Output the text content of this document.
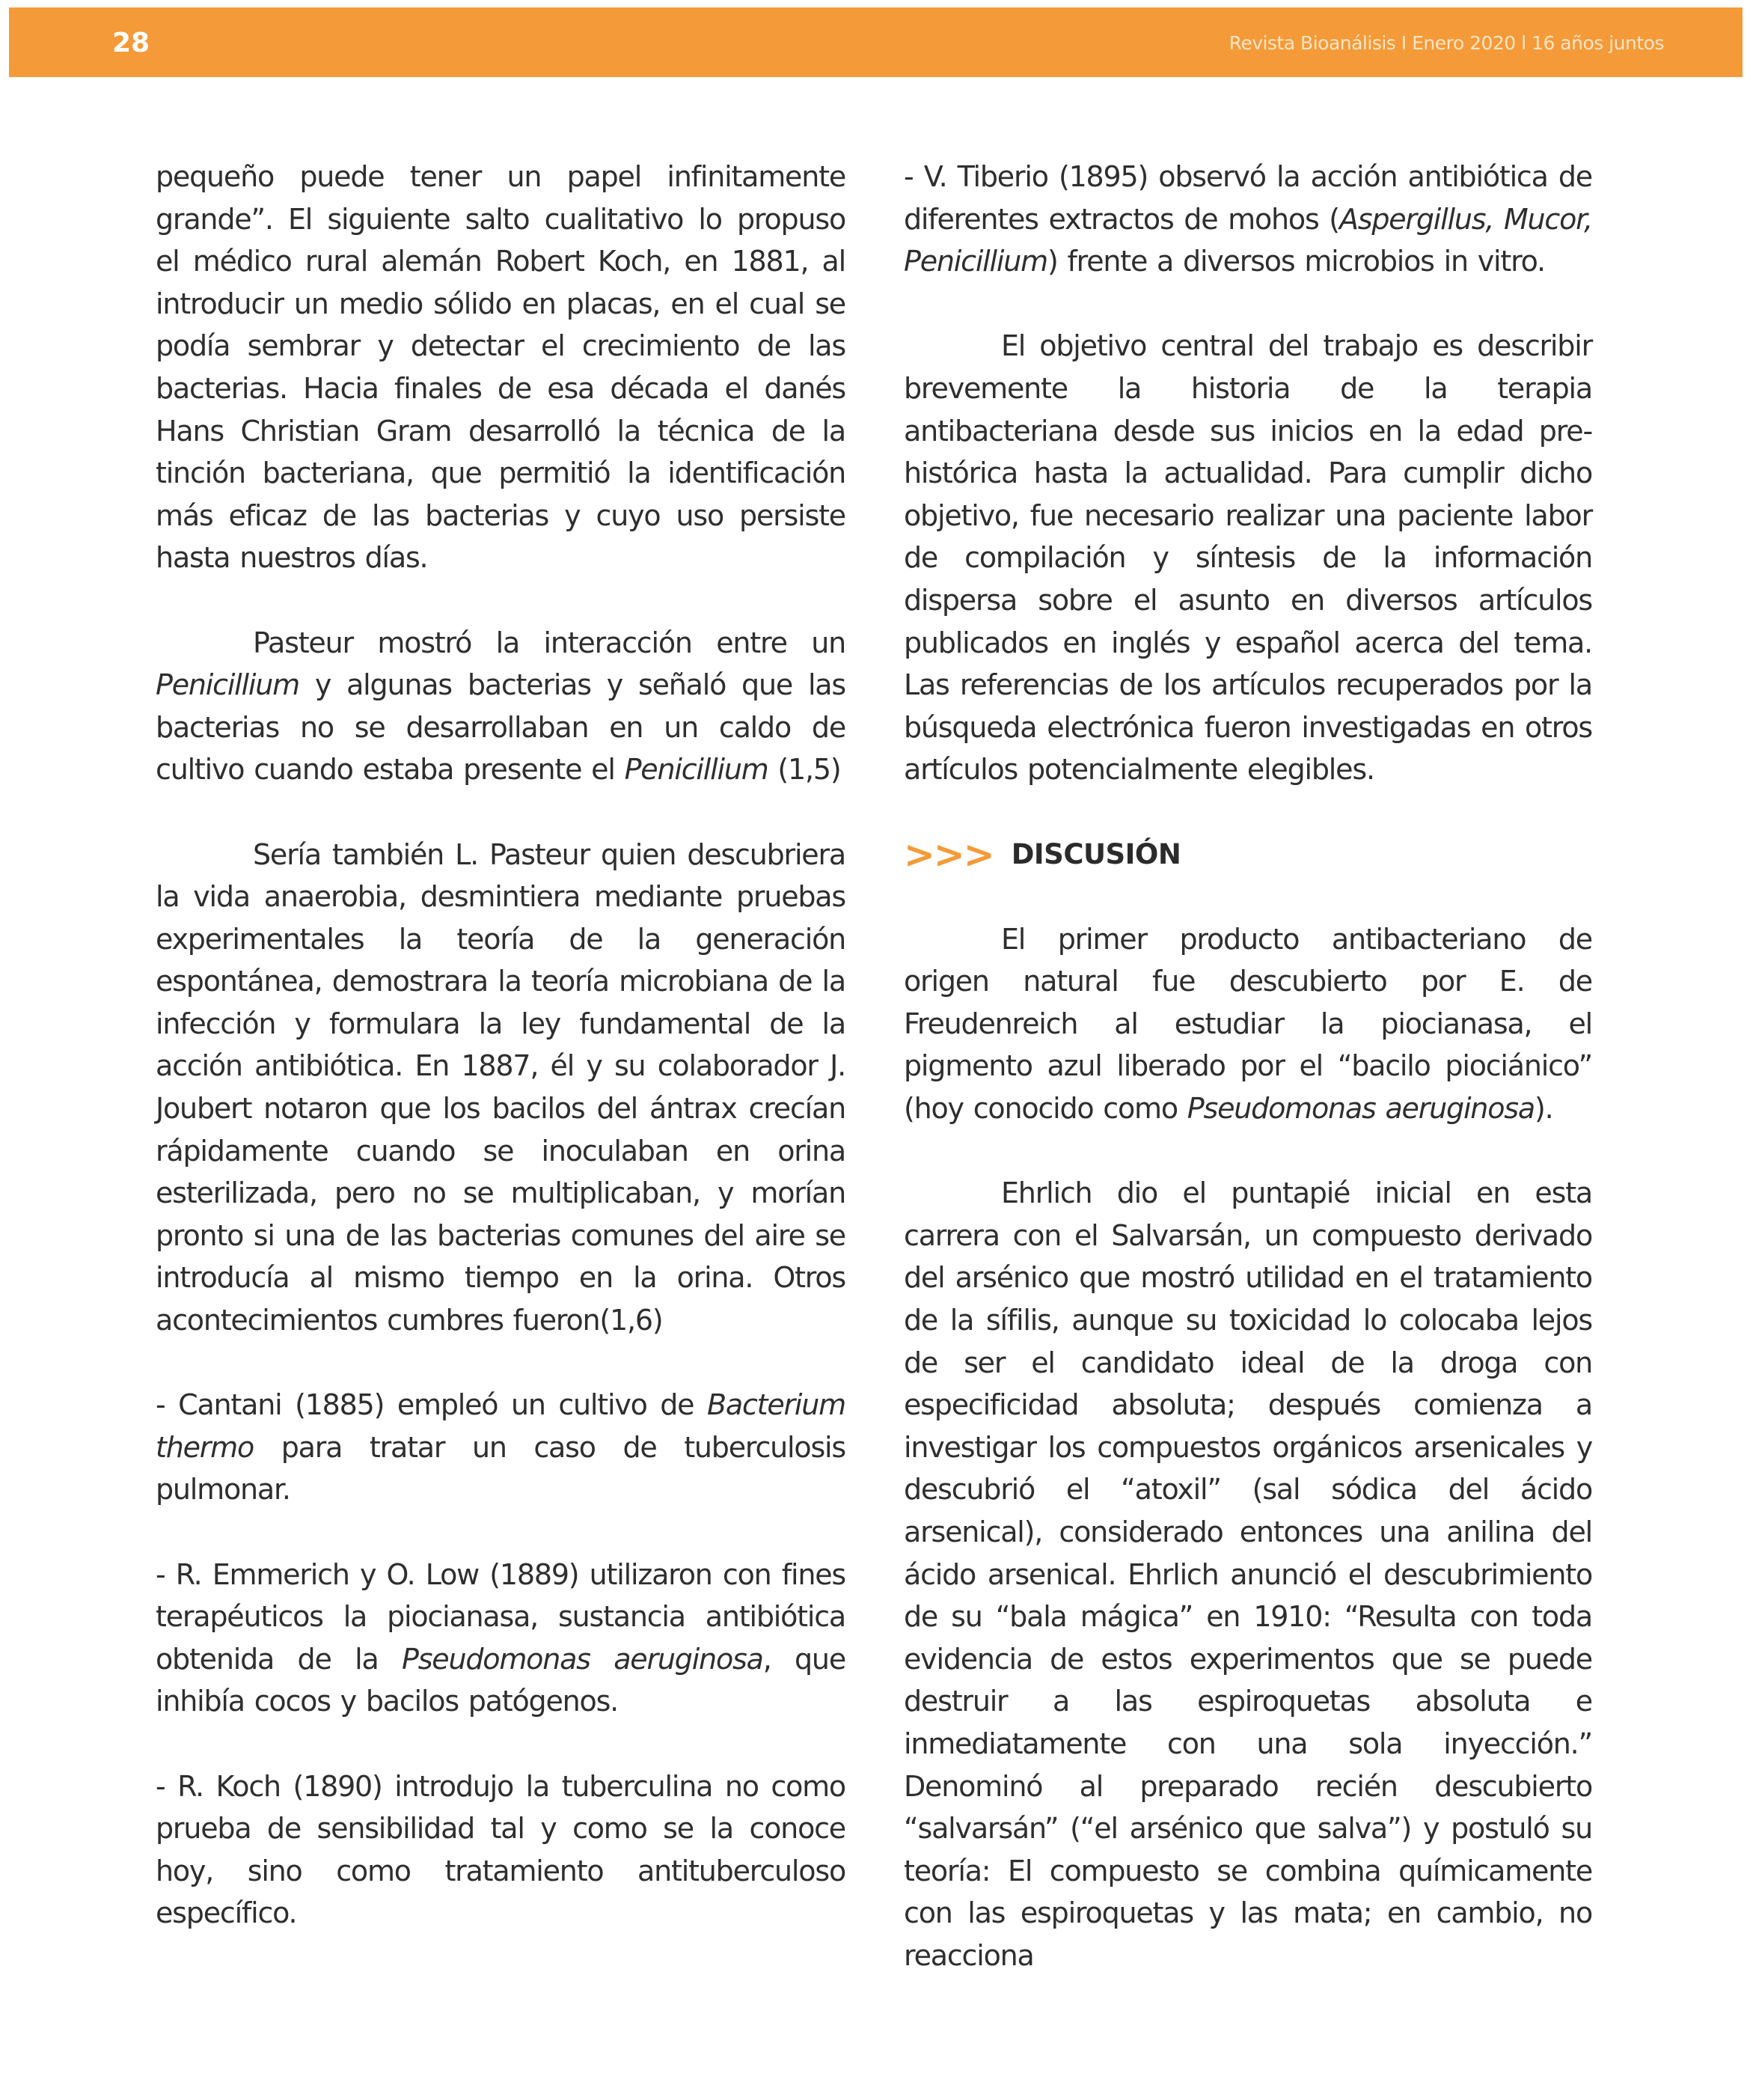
28	Revista Bioanálisis I Enero 2020 l 16 años juntos

pequeño puede tener un papel infinitamente grande”. El siguiente salto cualitativo lo propuso el médico rural alemán Robert Koch, en 1881, al introducir un medio sólido en placas, en el cual se podía sembrar y detectar el crecimiento de las bacterias. Hacia finales de esa década el danés Hans Christian Gram desarrolló la técnica de la tinción bacteriana, que permitió la identificación más eficaz de las bacterias y cuyo uso persiste hasta nuestros días.

Pasteur mostró la interacción entre un Penicillium y algunas bacterias y señaló que las bacterias no se desarrollaban en un caldo de cultivo cuando estaba presente el Penicillium (1,5)

Sería también L. Pasteur quien descubriera la vida anaerobia, desmintiera mediante pruebas experimentales la teoría de la generación espontánea, demostrara la teoría microbiana de la infección y formulara la ley fundamental de la acción antibiótica. En 1887, él y su colaborador J. Joubert notaron que los bacilos del ántrax crecían rápidamente cuando se inoculaban en orina esterilizada, pero no se multiplicaban, y morían pronto si una de las bacterias comunes del aire se introducía al mismo tiempo en la orina. Otros acontecimientos cumbres fueron(1,6)

- Cantani (1885) empleó un cultivo de Bacterium thermo para tratar un caso de tuberculosis pulmonar.

- R. Emmerich y O. Low (1889) utilizaron con fines terapéuticos la piocianasa, sustancia antibiótica obtenida de la Pseudomonas aeruginosa, que inhibía cocos y bacilos patógenos.

- R. Koch (1890) introdujo la tuberculina no como prueba de sensibilidad tal y como se la conoce hoy, sino como tratamiento antituberculoso específico.

- V. Tiberio (1895) observó la acción antibiótica de diferentes extractos de mohos (Aspergillus, Mucor, Penicillium) frente a diversos microbios in vitro.

El objetivo central del trabajo es describir brevemente la historia de la terapia antibacteriana desde sus inicios en la edad pre-histórica hasta la actualidad. Para cumplir dicho objetivo, fue necesario realizar una paciente labor de compilación y síntesis de la información dispersa sobre el asunto en diversos artículos publicados en inglés y español acerca del tema. Las referencias de los artículos recuperados por la búsqueda electrónica fueron investigadas en otros artículos potencialmente elegibles.

>>> DISCUSIÓN

El primer producto antibacteriano de origen natural fue descubierto por E. de Freudenreich al estudiar la piocianasa, el pigmento azul liberado por el “bacilo piociánico” (hoy conocido como Pseudomonas aeruginosa).

Ehrlich dio el puntapié inicial en esta carrera con el Salvarsán, un compuesto derivado del arsénico que mostró utilidad en el tratamiento de la sífilis, aunque su toxicidad lo colocaba lejos de ser el candidato ideal de la droga con especificidad absoluta; después comienza a investigar los compuestos orgánicos arsenicales y descubrió el “atoxil” (sal sódica del ácido arsenical), considerado entonces una anilina del ácido arsenical. Ehrlich anunció el descubrimiento de su “bala mágica” en 1910: “Resulta con toda evidencia de estos experimentos que se puede destruir a las espiroquetas absoluta e inmediatamente con una sola inyección.” Denominó al preparado recién descubierto “salvarsán” (“el arsénico que salva”) y postuló su teoría: El compuesto se combina químicamente con las espiroquetas y las mata; en cambio, no reacciona
